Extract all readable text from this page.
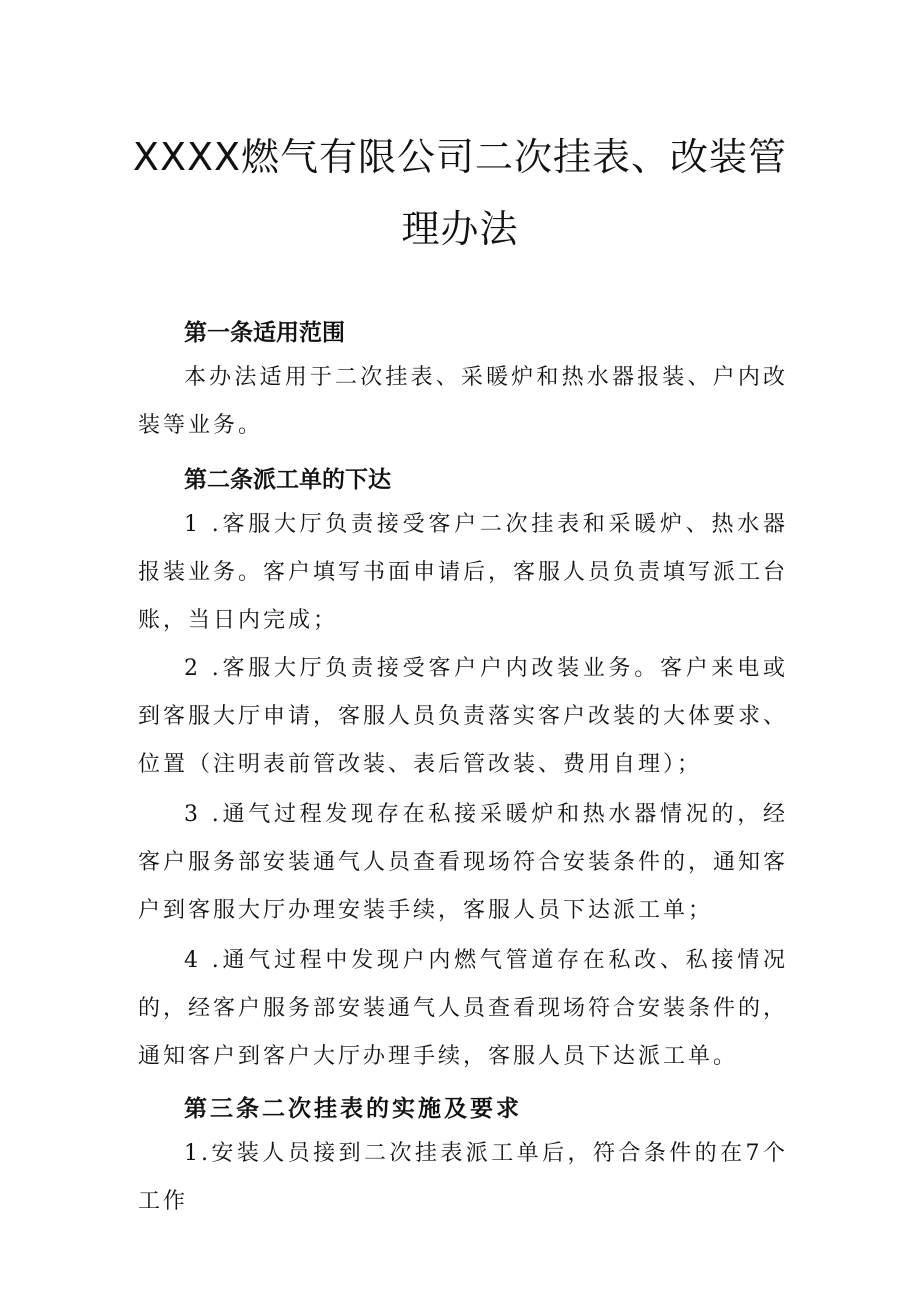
XXXX燃气有限公司二次挂表、改装管
理办法
第一条适用范围

本办法适用于二次挂表、采暖炉和热水器报装、户内改装等业务。

第二条派工单的下达

1 .客服大厅负责接受客户二次挂表和采暖炉、热水器报装业务。客户填写书面申请后，客服人员负责填写派工台账，当日内完成；

2 .客服大厅负责接受客户户内改装业务。客户来电或到客服大厅申请，客服人员负责落实客户改装的大体要求、位置（注明表前管改装、表后管改装、费用自理）；

3 .通气过程发现存在私接采暖炉和热水器情况的，经客户服务部安装通气人员查看现场符合安装条件的，通知客户到客服大厅办理安装手续，客服人员下达派工单；

4 .通气过程中发现户内燃气管道存在私改、私接情况的，经客户服务部安装通气人员查看现场符合安装条件的，通知客户到客户大厅办理手续，客服人员下达派工单。

第三条二次挂表的实施及要求

1.安装人员接到二次挂表派工单后，符合条件的在7个工作
